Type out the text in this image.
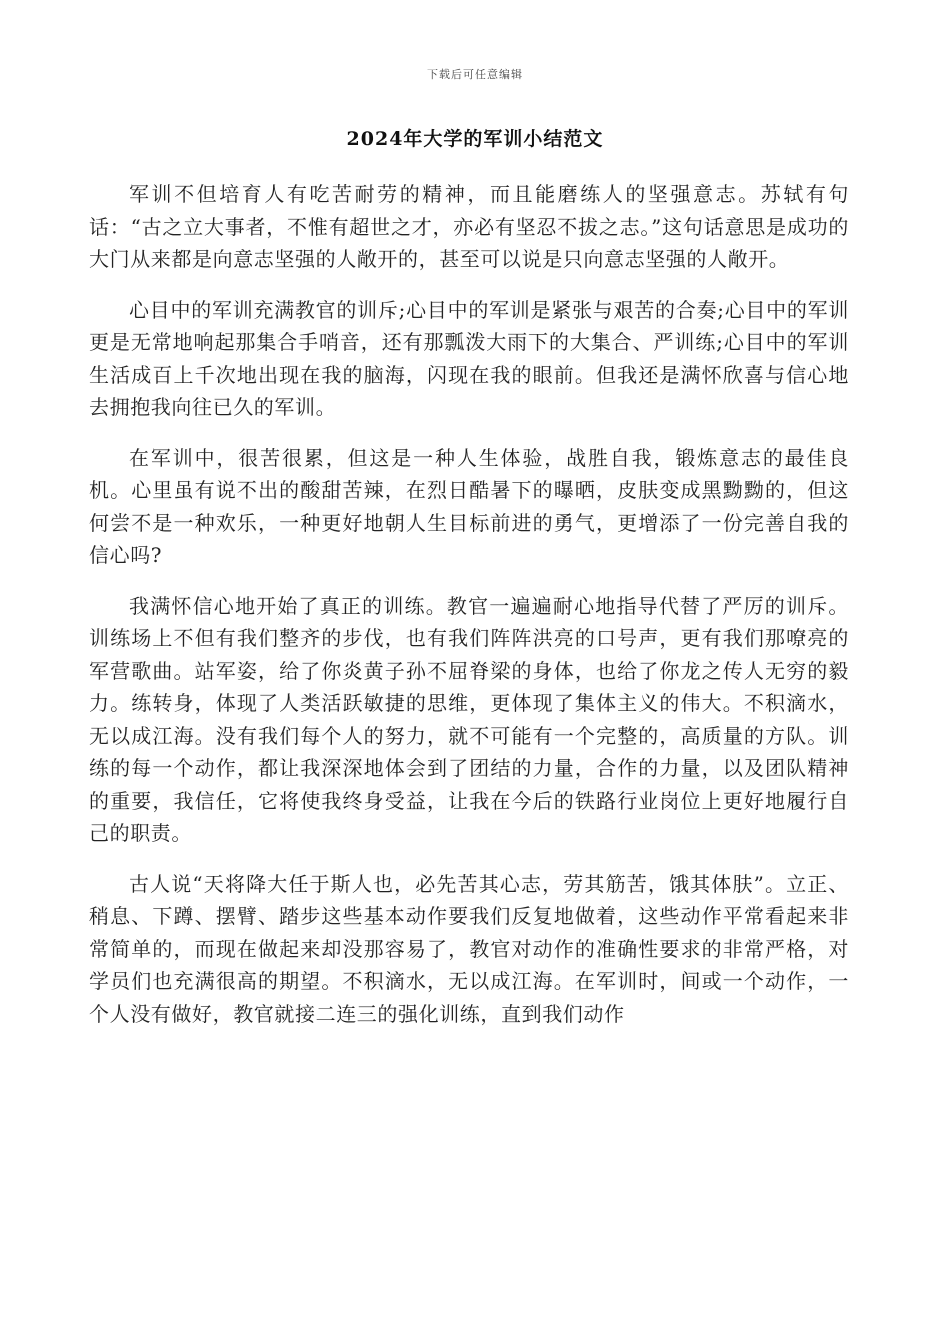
下载后可任意编辑
2024年大学的军训小结范文

军训不但培育人有吃苦耐劳的精神，而且能磨练人的坚强意志。苏轼有句话：“古之立大事者，不惟有超世之才，亦必有坚忍不拔之志。”这句话意思是成功的大门从来都是向意志坚强的人敞开的，甚至可以说是只向意志坚强的人敞开。

心目中的军训充满教官的训斥;心目中的军训是紧张与艰苦的合奏;心目中的军训更是无常地响起那集合手哨音，还有那瓢泼大雨下的大集合、严训练;心目中的军训生活成百上千次地出现在我的脑海，闪现在我的眼前。但我还是满怀欣喜与信心地去拥抱我向往已久的军训。

在军训中，很苦很累，但这是一种人生体验，战胜自我，锻炼意志的最佳良机。心里虽有说不出的酸甜苦辣，在烈日酷暑下的曝晒，皮肤变成黑黝黝的，但这何尝不是一种欢乐，一种更好地朝人生目标前进的勇气，更增添了一份完善自我的信心吗?

我满怀信心地开始了真正的训练。教官一遍遍耐心地指导代替了严厉的训斥。训练场上不但有我们整齐的步伐，也有我们阵阵洪亮的口号声，更有我们那嘹亮的军营歌曲。站军姿，给了你炎黄子孙不屈脊梁的身体，也给了你龙之传人无穷的毅力。练转身，体现了人类活跃敏捷的思维，更体现了集体主义的伟大。不积滴水，无以成江海。没有我们每个人的努力，就不可能有一个完整的，高质量的方队。训练的每一个动作，都让我深深地体会到了团结的力量，合作的力量，以及团队精神的重要，我信任，它将使我终身受益，让我在今后的铁路行业岗位上更好地履行自己的职责。

古人说“天将降大任于斯人也，必先苦其心志，劳其筋苦，饿其体肤”。立正、稍息、下蹲、摆臂、踏步这些基本动作要我们反复地做着，这些动作平常看起来非常简单的，而现在做起来却没那容易了，教官对动作的准确性要求的非常严格，对学员们也充满很高的期望。不积滴水，无以成江海。在军训时，间或一个动作，一个人没有做好，教官就接二连三的强化训练，直到我们动作
